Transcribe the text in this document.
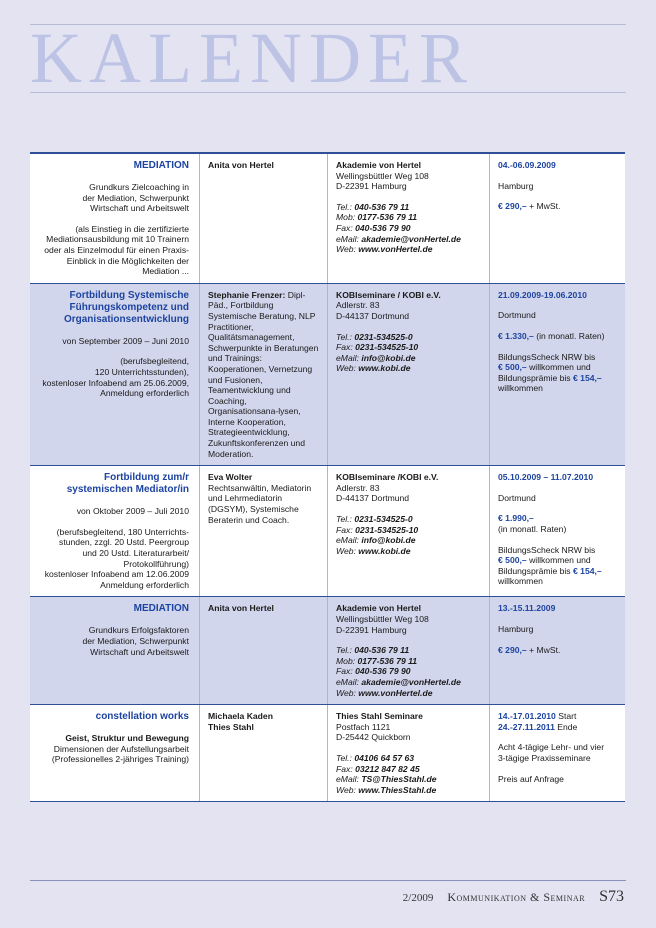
KALENDER
MEDIATION
Grundkurs Zielcoaching in
der Mediation, Schwerpunkt
Wirtschaft und Arbeitswelt
(als Einstieg in die zertifizierte
Mediationsausbildung mit 10 Trainern
oder als Einzelmodul für einen Praxis-
Einblick in die Möglichkeiten der
Mediation ...
Anita von Hertel	Akademie von Hertel
Wellingsbüttler Weg 108
D-22391 Hamburg
Tel.: 040-536 79 11
Mob: 0177-536 79 11
Fax: 040-536 79 90
eMail: akademie@vonHertel.de
Web: www.vonHertel.de
04.-06.09.2009
Hamburg
€ 290,– + MwSt.
Fortbildung Systemische
Führungskompetenz und
Organisationsentwicklung
von September 2009 – Juni 2010
(berufsbegleitend,
120 Unterrichtsstunden),
kostenloser Infoabend am 25.06.2009,
Anmeldung erforderlich
Stephanie Frenzer: Dipl-Päd., Fortbildung Systemische Beratung, NLP Practitioner, Qualitätsmanagement, Schwerpunkte in Beratungen und Trainings: Kooperationen, Vernetzung und Fusionen, Teamentwicklung und Coaching, Organisationsana-lysen, Interne Kooperation, Strategieentwicklung, Zukunftskonferenzen und Moderation.
KOBIseminare / KOBI e.V.
Adlerstr. 83
D-44137 Dortmund
Tel.: 0231-534525-0
Fax: 0231-534525-10
eMail: info@kobi.de
Web: www.kobi.de
21.09.2009-19.06.2010
Dortmund
€ 1.330,– (in monatl. Raten)
BildungsScheck NRW bis
€ 500,– willkommen und
Bildungsprämie bis € 154,–
willkommen
Fortbildung zum/r
systemischen Mediator/in
von Oktober 2009 – Juli 2010
(berufsbegleitend, 180 Unterrichts-
stunden, zzgl. 20 Ustd. Peergroup
und 20 Ustd. Literaturarbeit/
Protokollführung)
kostenloser Infoabend am 12.06.2009
Anmeldung erforderlich
Eva Wolter
Rechtsanwältin, Mediatorin und Lehrmediatorin (DGSYM), Systemische Beraterin und Coach.
KOBIseminare /KOBI e.V.
Adlerstr. 83
D-44137 Dortmund
Tel.: 0231-534525-0
Fax: 0231-534525-10
eMail: info@kobi.de
Web: www.kobi.de
05.10.2009 – 11.07.2010
Dortmund
€ 1.990,–
(in monatl. Raten)
BildungsScheck NRW bis
€ 500,– willkommen und
Bildungsprämie bis € 154,–
willkommen
MEDIATION
Grundkurs Erfolgsfaktoren
der Mediation, Schwerpunkt
Wirtschaft und Arbeitswelt
Anita von Hertel	Akademie von Hertel
Wellingsbüttler Weg 108
D-22391 Hamburg
Tel.: 040-536 79 11
Mob: 0177-536 79 11
Fax: 040-536 79 90
eMail: akademie@vonHertel.de
Web: www.vonHertel.de
13.-15.11.2009
Hamburg
€ 290,– + MwSt.
constellation works
Geist, Struktur und Bewegung
Dimensionen der Aufstellungsarbeit
(Professionelles 2-jähriges Training)
Michaela Kaden
Thies Stahl
Thies Stahl Seminare
Postfach 1121
D-25442 Quickborn
Tel.: 04106 64 57 63
Fax: 03212 847 82 45
eMail: TS@ThiesStahl.de
Web: www.ThiesStahl.de
14.-17.01.2010 Start
24.-27.11.2011 Ende
Acht 4-tägige Lehr- und vier
3-tägige Praxisseminare
Preis auf Anfrage
2/2009 Kommunikation & Seminar S73
